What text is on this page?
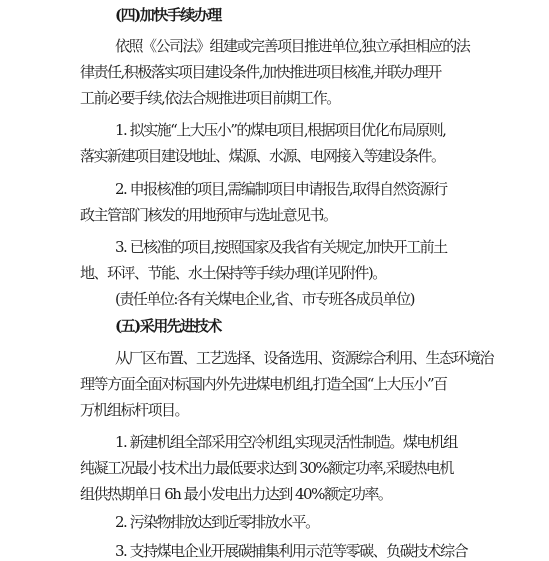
(四)加快手续办理
依照《公司法》组建或完善项目推进单位,独立承担相应的法
律责任,积极落实项目建设条件,加快推进项目核准,并联办理开
工前必要手续,依法合规推进项目前期工作。
1. 拟实施“上大压小”的煤电项目,根据项目优化布局原则,
落实新建项目建设地址、煤源、水源、电网接入等建设条件。
2. 申报核准的项目,需编制项目申请报告,取得自然资源行
政主管部门核发的用地预审与选址意见书。
3. 已核准的项目,按照国家及我省有关规定,加快开工前土
地、环评、节能、水土保持等手续办理(详见附件)。
(责任单位:各有关煤电企业,省、市专班各成员单位)
(五)采用先进技术
从厂区布置、工艺选择、设备选用、资源综合利用、生态环境治
理等方面全面对标国内外先进煤电机组,打造全国“上大压小”百
万机组标杆项目。
1. 新建机组全部采用空冷机组,实现灵活性制造。煤电机组
纯凝工况最小技术出力最低要求达到 30%额定功率,采暖热电机
组供热期单日 6h 最小发电出力达到 40%额定功率。
2. 污染物排放达到近零排放水平。
3. 支持煤电企业开展碳捕集利用示范等零碳、负碳技术综合
